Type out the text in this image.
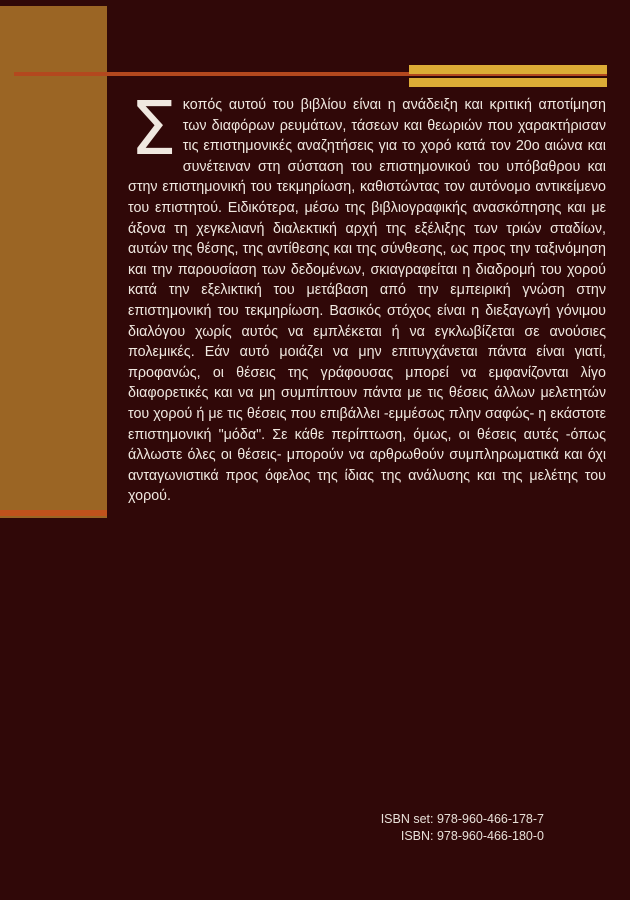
Σκοπός αυτού του βιβλίου είναι η ανάδειξη και κριτική αποτίμηση των διαφόρων ρευμάτων, τάσεων και θεωριών που χαρακτήρισαν τις επιστημονικές αναζητήσεις για το χορό κατά τον 20ο αιώνα και συνέτειναν στη σύσταση του επιστημονικού του υπόβαθρου και στην επιστημονική του τεκμηρίωση, καθιστώντας τον αυτόνομο αντικείμενο του επιστητού. Ειδικότερα, μέσω της βιβλιογραφικής ανασκόπησης και με άξονα τη χεγκελιανή διαλεκτική αρχή της εξέλιξης των τριών σταδίων, αυτών της θέσης, της αντίθεσης και της σύνθεσης, ως προς την ταξινόμηση και την παρουσίαση των δεδομένων, σκιαγραφείται η διαδρομή του χορού κατά την εξελικτική του μετάβαση από την εμπειρική γνώση στην επιστημονική του τεκμηρίωση. Βασικός στόχος είναι η διεξαγωγή γόνιμου διαλόγου χωρίς αυτός να εμπλέκεται ή να εγκλωβίζεται σε ανούσιες πολεμικές. Εάν αυτό μοιάζει να μην επιτυγχάνεται πάντα είναι γιατί, προφανώς, οι θέσεις της γράφουσας μπορεί να εμφανίζονται λίγο διαφορετικές και να μη συμπίπτουν πάντα με τις θέσεις άλλων μελετητών του χορού ή με τις θέσεις που επιβάλλει -εμμέσως πλην σαφώς- η εκάστοτε επιστημονική "μόδα". Σε κάθε περίπτωση, όμως, οι θέσεις αυτές -όπως άλλωστε όλες οι θέσεις- μπορούν να αρθρωθούν συμπληρωματικά και όχι ανταγωνιστικά προς όφελος της ίδιας της ανάλυσης και της μελέτης του χορού.

ISBN set: 978-960-466-178-7
ISBN: 978-960-466-180-0
